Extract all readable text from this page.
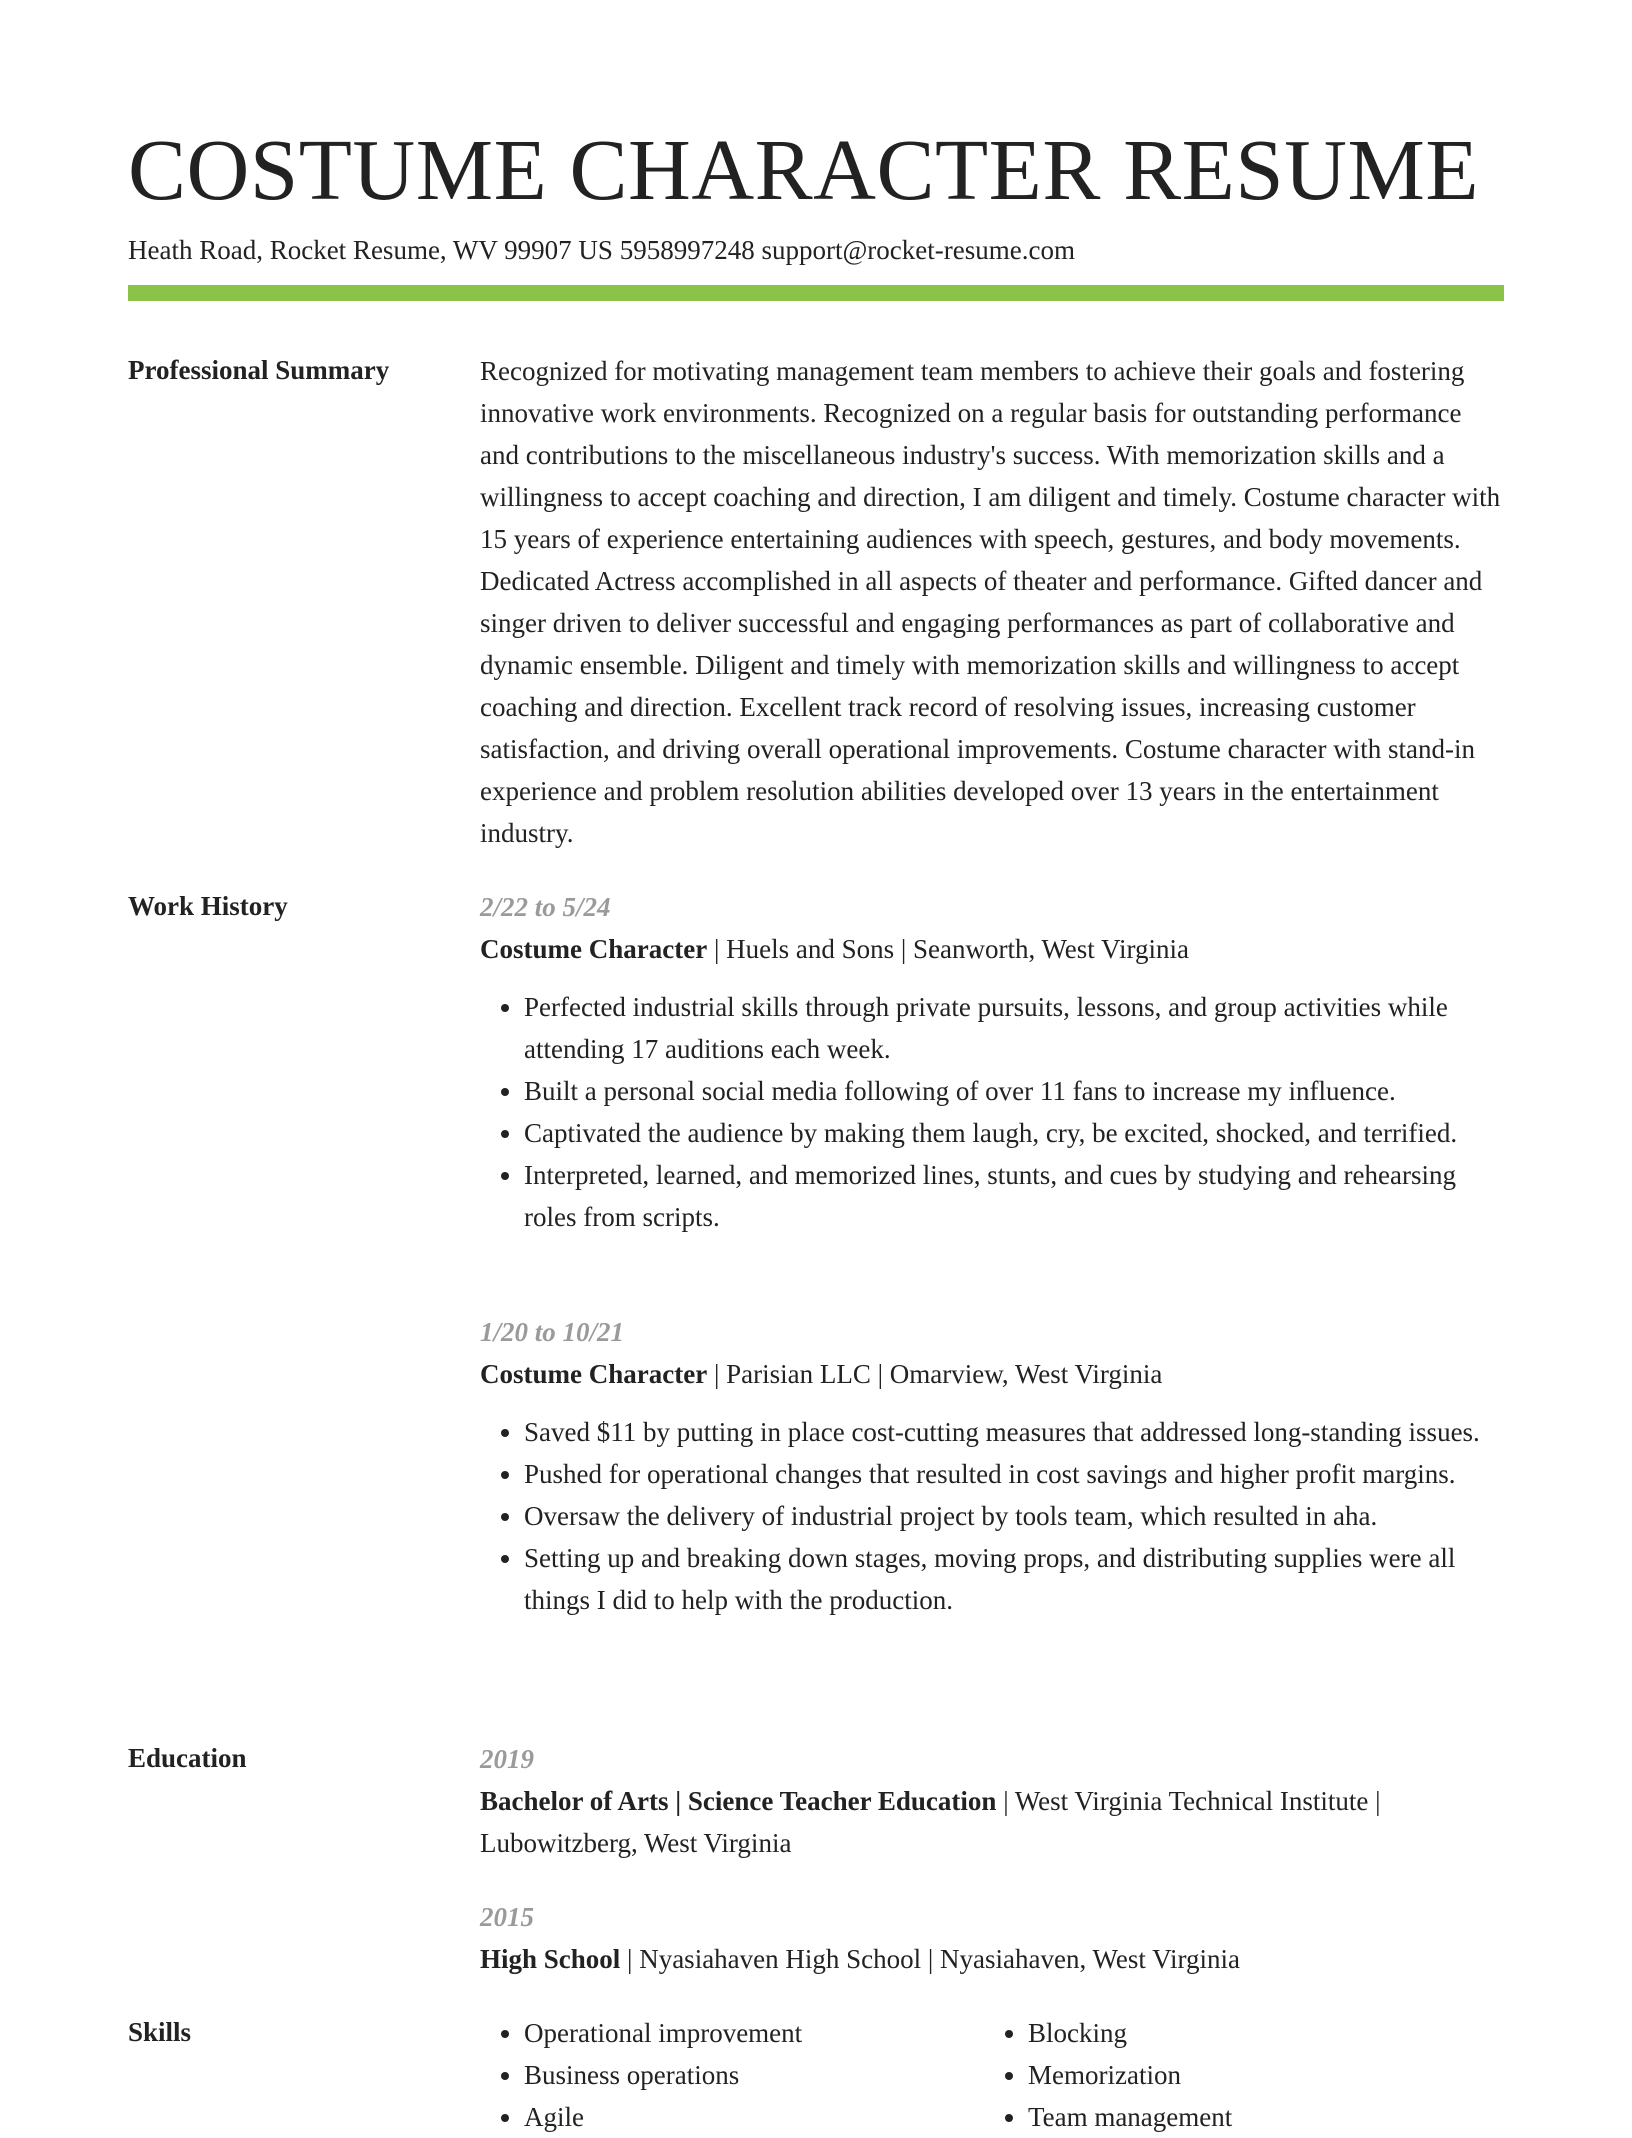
COSTUME CHARACTER RESUME
Heath Road, Rocket Resume, WV 99907 US 5958997248 support@rocket-resume.com
Professional Summary	Recognized for motivating management team members to achieve their goals and fostering innovative work environments. Recognized on a regular basis for outstanding performance and contributions to the miscellaneous industry's success. With memorization skills and a willingness to accept coaching and direction, I am diligent and timely. Costume character with 15 years of experience entertaining audiences with speech, gestures, and body movements. Dedicated Actress accomplished in all aspects of theater and performance. Gifted dancer and singer driven to deliver successful and engaging performances as part of collaborative and dynamic ensemble. Diligent and timely with memorization skills and willingness to accept coaching and direction. Excellent track record of resolving issues, increasing customer satisfaction, and driving overall operational improvements. Costume character with stand-in experience and problem resolution abilities developed over 13 years in the entertainment industry.

Work History	2/22 to 5/24
Costume Character | Huels and Sons | Seanworth, West Virginia
• Perfected industrial skills through private pursuits, lessons, and group activities while attending 17 auditions each week.
• Built a personal social media following of over 11 fans to increase my influence.
• Captivated the audience by making them laugh, cry, be excited, shocked, and terrified.
• Interpreted, learned, and memorized lines, stunts, and cues by studying and rehearsing roles from scripts.
1/20 to 10/21
Costume Character | Parisian LLC | Omarview, West Virginia
• Saved $11 by putting in place cost-cutting measures that addressed long-standing issues.
• Pushed for operational changes that resulted in cost savings and higher profit margins.
• Oversaw the delivery of industrial project by tools team, which resulted in aha.
• Setting up and breaking down stages, moving props, and distributing supplies were all things I did to help with the production.
Education	2019
Bachelor of Arts | Science Teacher Education | West Virginia Technical Institute | Lubowitzberg, West Virginia
2015
High School | Nyasiahaven High School | Nyasiahaven, West Virginia
Skills
•	Operational improvement
• Business operations
• Agile
• Blocking
• Memorization
• Team management
